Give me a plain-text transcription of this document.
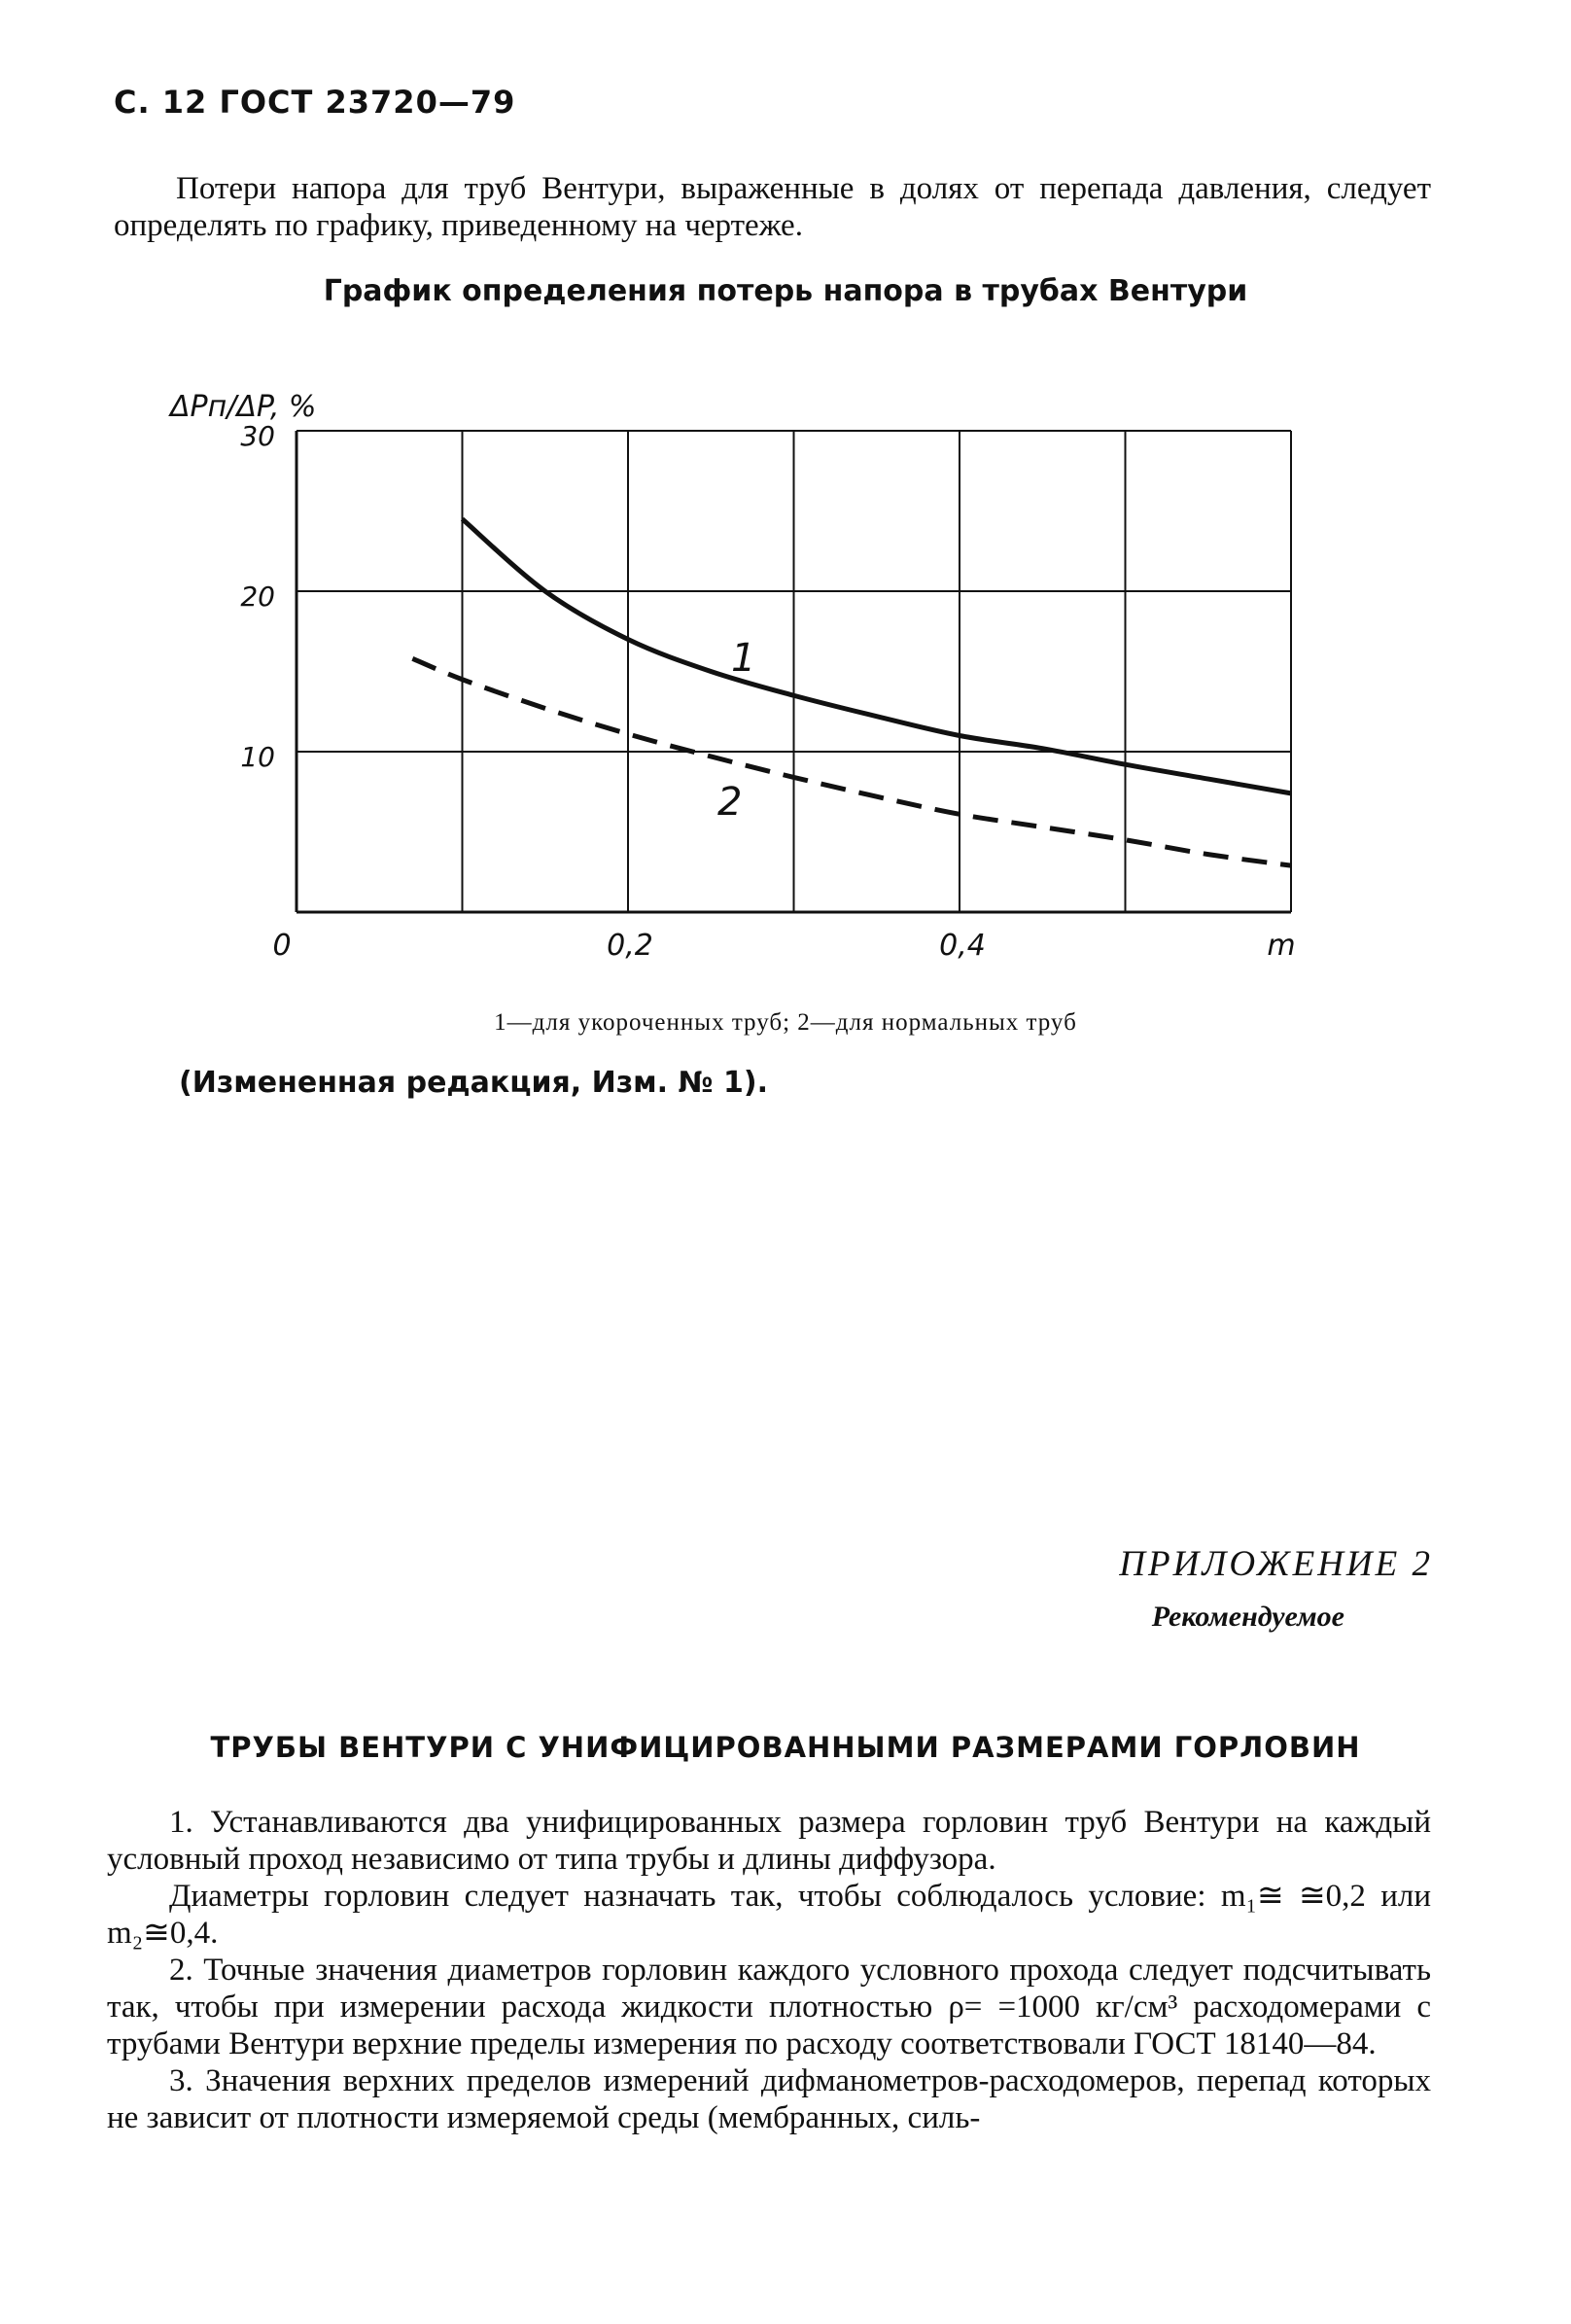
С. 12 ГОСТ 23720—79
Потери напора для труб Вентури, выраженные в долях от перепада давления, следует определять по графику, приведенному на чертеже.
График определения потерь напора в трубах Вентури
ΔPп/ΔP, %
30
20
10
0	0,2	0,4	m
1
2
1—для укороченных труб; 2—для нормальных труб
(Измененная редакция, Изм. № 1).
ПРИЛОЖЕНИЕ 2
Рекомендуемое
ТРУБЫ ВЕНТУРИ С УНИФИЦИРОВАННЫМИ РАЗМЕРАМИ ГОРЛОВИН

1. Устанавливаются два унифицированных размера горловин труб Вентури на каждый условный проход независимо от типа трубы и длины диффузора.

Диаметры горловин следует назначать так, чтобы соблюдалось условие: m₁≅ ≅0,2 или m₂≅0,4.

2. Точные значения диаметров горловин каждого условного прохода следует подсчитывать так, чтобы при измерении расхода жидкости плотностью ρ= =1000 кг/см³ расходомерами с трубами Вентури верхние пределы измерения по расходу соответствовали ГОСТ 18140—84.

3. Значения верхних пределов измерений дифманометров-расходомеров, перепад которых не зависит от плотности измеряемой среды (мембранных, силь-
